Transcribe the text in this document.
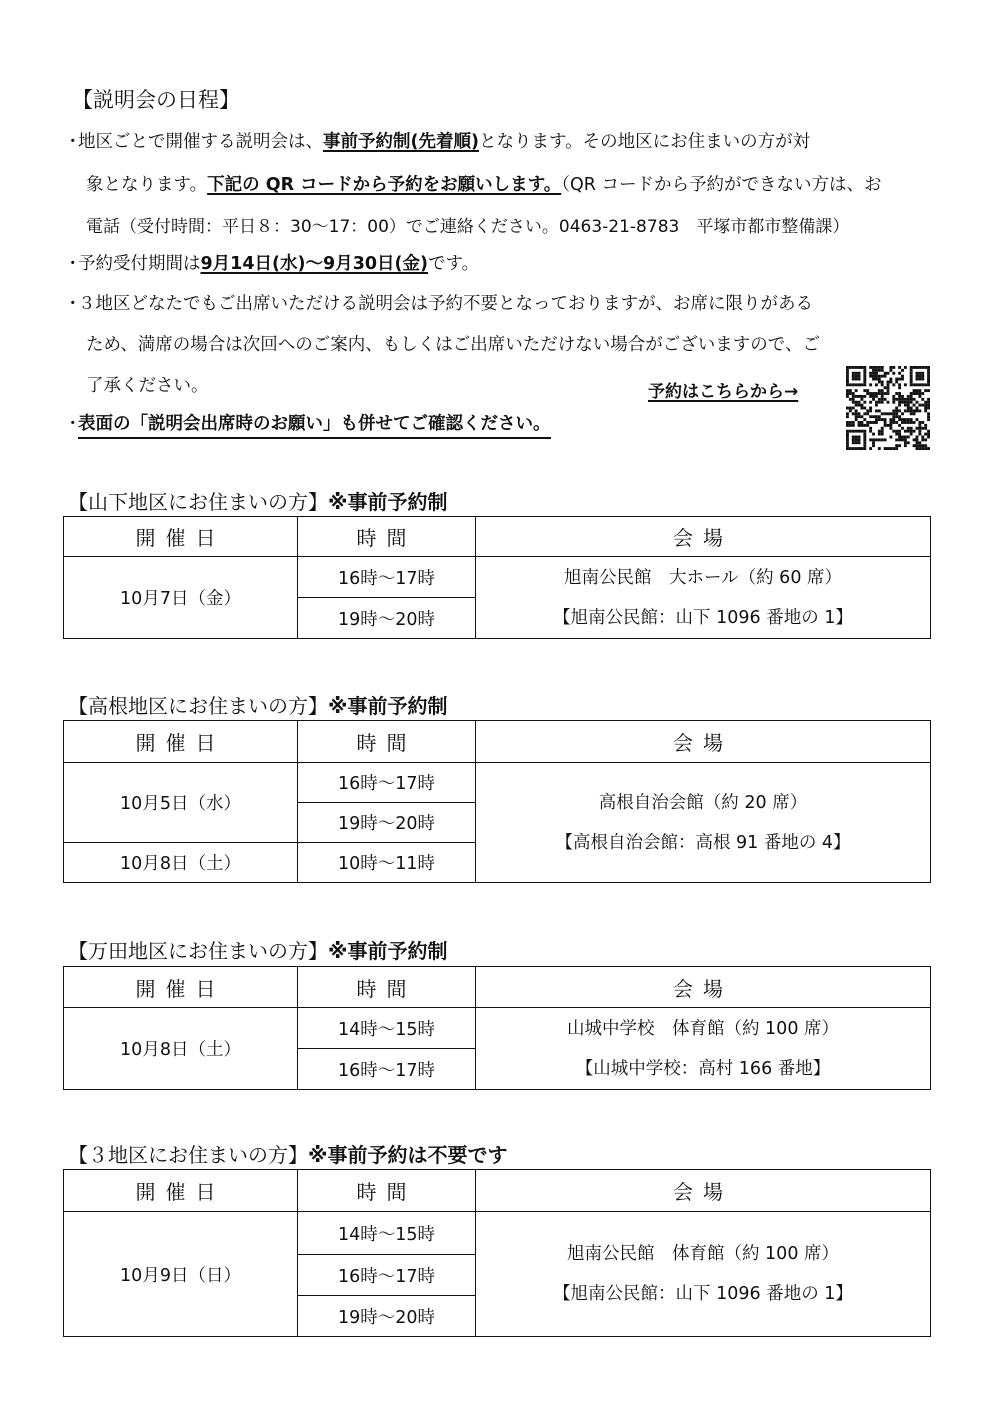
【説明会の日程】
・地区ごとで開催する説明会は、事前予約制(先着順)となります。その地区にお住まいの方が対
象となります。下記の QR コードから予約をお願いします。（QR コードから予約ができない方は、お
電話（受付時間：平日８：30～17：00）でご連絡ください。0463-21-8783　平塚市都市整備課）
・予約受付期間は9月14日(水)～9月30日(金)です。
・３地区どなたでもご出席いただける説明会は予約不要となっておりますが、お席に限りがある
ため、満席の場合は次回へのご案内、もしくはご出席いただけない場合がございますので、ご
了承ください。	予約はこちらから→
・表面の「説明会出席時のお願い」も併せてご確認ください。
【山下地区にお住まいの方】※事前予約制
開催日	時間	会場
10月7日（金）	16時～17時	旭南公民館　大ホール（約 60 席）
【旭南公民館：山下 1096 番地の 1】

	19時～20時	
【高根地区にお住まいの方】※事前予約制
開催日	時間	会場
10月5日（水）	16時～17時	高根自治会館（約 20 席）
【高根自治会館：高根 91 番地の 4】

	19時～20時	
10月8日（土）	10時～11時	
【万田地区にお住まいの方】※事前予約制
開催日	時間	会場
10月8日（土）	14時～15時	山城中学校　体育館（約 100 席）
【山城中学校：高村 166 番地】

	16時～17時	
【３地区にお住まいの方】※事前予約は不要です
開催日	時間	会場
10月9日（日）	14時～15時	旭南公民館　体育館（約 100 席）
【旭南公民館：山下 1096 番地の 1】

	16時～17時	
	19時～20時	
